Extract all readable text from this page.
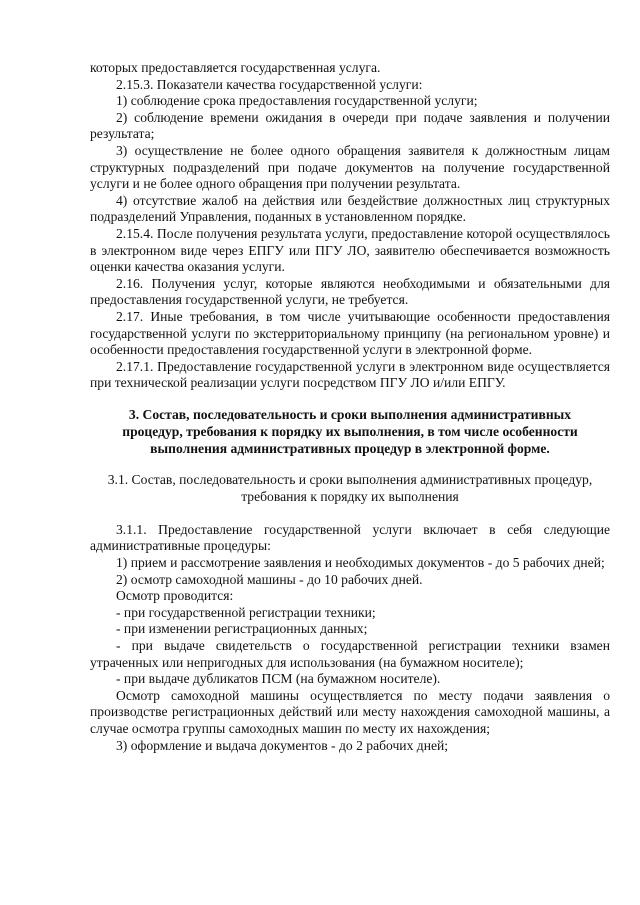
которых предоставляется государственная услуга.

2.15.3. Показатели качества государственной услуги:

1) соблюдение срока предоставления государственной услуги;

2) соблюдение времени ожидания в очереди при подаче заявления и получении результата;

3) осуществление не более одного обращения заявителя к должностным лицам структурных подразделений при подаче документов на получение государственной услуги и не более одного обращения при получении результата.

4) отсутствие жалоб на действия или бездействие должностных лиц структурных подразделений Управления, поданных в установленном порядке.

2.15.4. После получения результата услуги, предоставление которой осуществлялось в электронном виде через ЕПГУ или ПГУ ЛО, заявителю обеспечивается возможность оценки качества оказания услуги.

2.16. Получения услуг, которые являются необходимыми и обязательными для предоставления государственной услуги, не требуется.

2.17. Иные требования, в том числе учитывающие особенности предоставления государственной услуги по экстерриториальному принципу (на региональном уровне) и особенности предоставления государственной услуги в электронной форме.

2.17.1. Предоставление государственной услуги в электронном виде осуществляется при технической реализации услуги посредством ПГУ ЛО и/или ЕПГУ.

3. Состав, последовательность и сроки выполнения административных процедур, требования к порядку их выполнения, в том числе особенности выполнения административных процедур в электронной форме.

3.1. Состав, последовательность и сроки выполнения административных процедур, требования к порядку их выполнения

3.1.1. Предоставление государственной услуги включает в себя следующие административные процедуры:

1) прием и рассмотрение заявления и необходимых документов - до 5 рабочих дней;

2) осмотр самоходной машины - до 10 рабочих дней.

Осмотр проводится:

- при государственной регистрации техники;

- при изменении регистрационных данных;

- при выдаче свидетельств о государственной регистрации техники взамен утраченных или непригодных для использования (на бумажном носителе);

- при выдаче дубликатов ПСМ (на бумажном носителе).

Осмотр самоходной машины осуществляется по месту подачи заявления о производстве регистрационных действий или месту нахождения самоходной машины, а случае осмотра группы самоходных машин по месту их нахождения;

3) оформление и выдача документов - до 2 рабочих дней;
